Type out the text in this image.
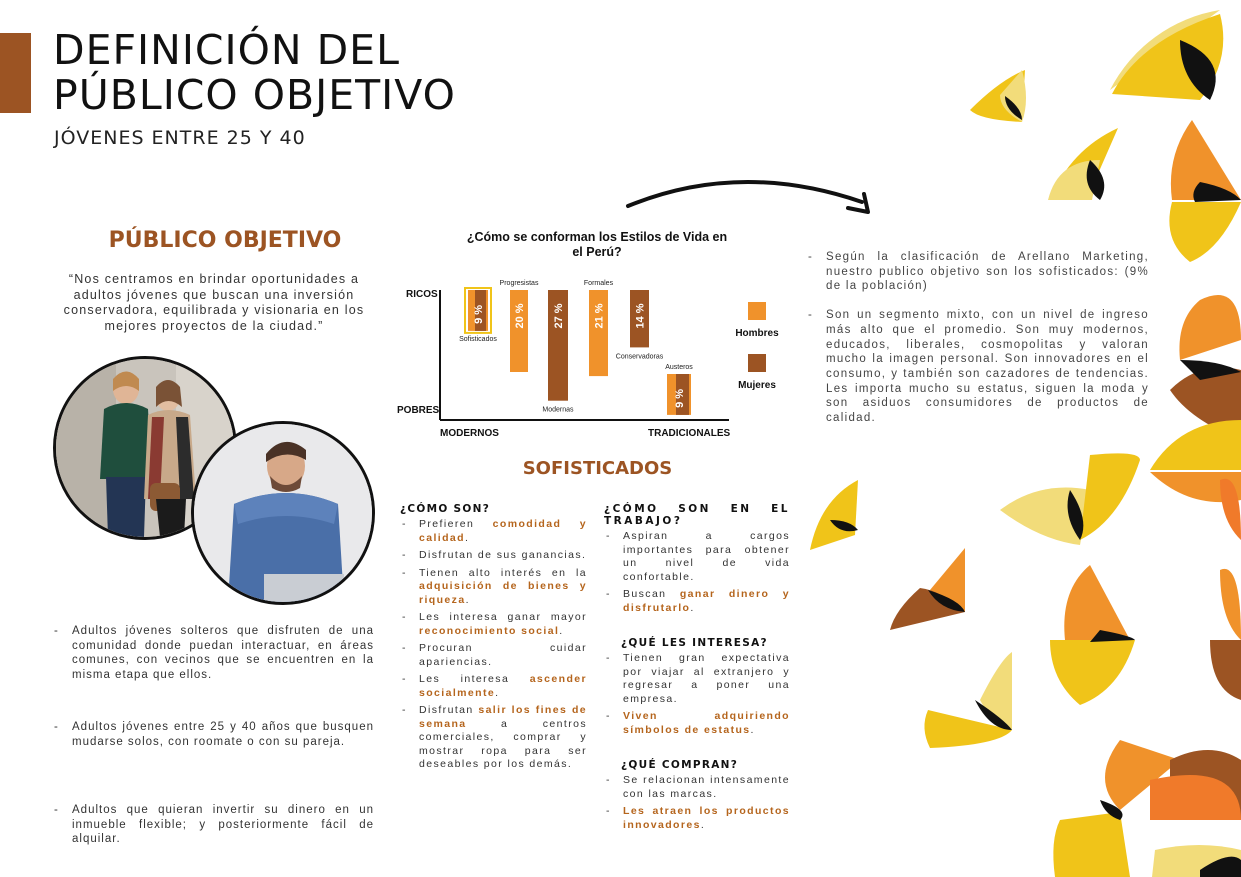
DEFINICIÓN DEL
PÚBLICO OBJETIVO
JÓVENES ENTRE 25 Y 40
PÚBLICO OBJETIVO
“Nos centramos en brindar oportunidades a adultos jóvenes que buscan una inversión conservadora, equilibrada y visionaria en los mejores proyectos de la ciudad.”
- Adultos jóvenes solteros que disfruten de una comunidad donde puedan interactuar, en áreas comunes, con vecinos que se encuentren en la misma etapa que ellos.
- Adultos jóvenes entre 25 y 40 años que busquen mudarse solos, con roomate o con su pareja.
- Adultos que quieran invertir su dinero en un inmueble flexible; y posteriormente fácil de alquilar.
¿Cómo se conforman los Estilos de Vida en el Perú?
RICOS
POBRES
MODERNOS	TRADICIONALES
9 %
Sofisticados
20 %
Progresistas
27 %
Modernas
21 %
Formales
14 %
Conservadoras
9 %
Austeros
Hombres
Mujeres
SOFISTICADOS

¿CÓMO SON?

- Prefieren comodidad y calidad.
- Disfrutan de sus ganancias.
- Tienen alto interés en la adquisición de bienes y riqueza.
- Les interesa ganar mayor reconocimiento social.
- Procuran cuidar apariencias.
- Les interesa ascender socialmente.
- Disfrutan salir los fines de semana a centros comerciales, comprar y mostrar ropa para ser deseables por los demás.

¿CÓMO SON EN EL TRABAJO?

- Aspiran a cargos importantes para obtener un nivel de vida confortable.
- Buscan ganar dinero y disfrutarlo.

¿QUÉ LES INTERESA?

- Tienen gran expectativa por viajar al extranjero y regresar a poner una empresa.
- Viven adquiriendo símbolos de estatus.

¿QUÉ COMPRAN?

- Se relacionan intensamente con las marcas.
- Les atraen los productos innovadores.
- Según la clasificación de Arellano Marketing, nuestro publico objetivo son los sofisticados: (9% de la población)
- Son un segmento mixto, con un nivel de ingreso más alto que el promedio. Son muy modernos, educados, liberales, cosmopolitas y valoran mucho la imagen personal. Son innovadores en el consumo, y también son cazadores de tendencias. Les importa mucho su estatus, siguen la moda y son asiduos consumidores de productos de calidad.
